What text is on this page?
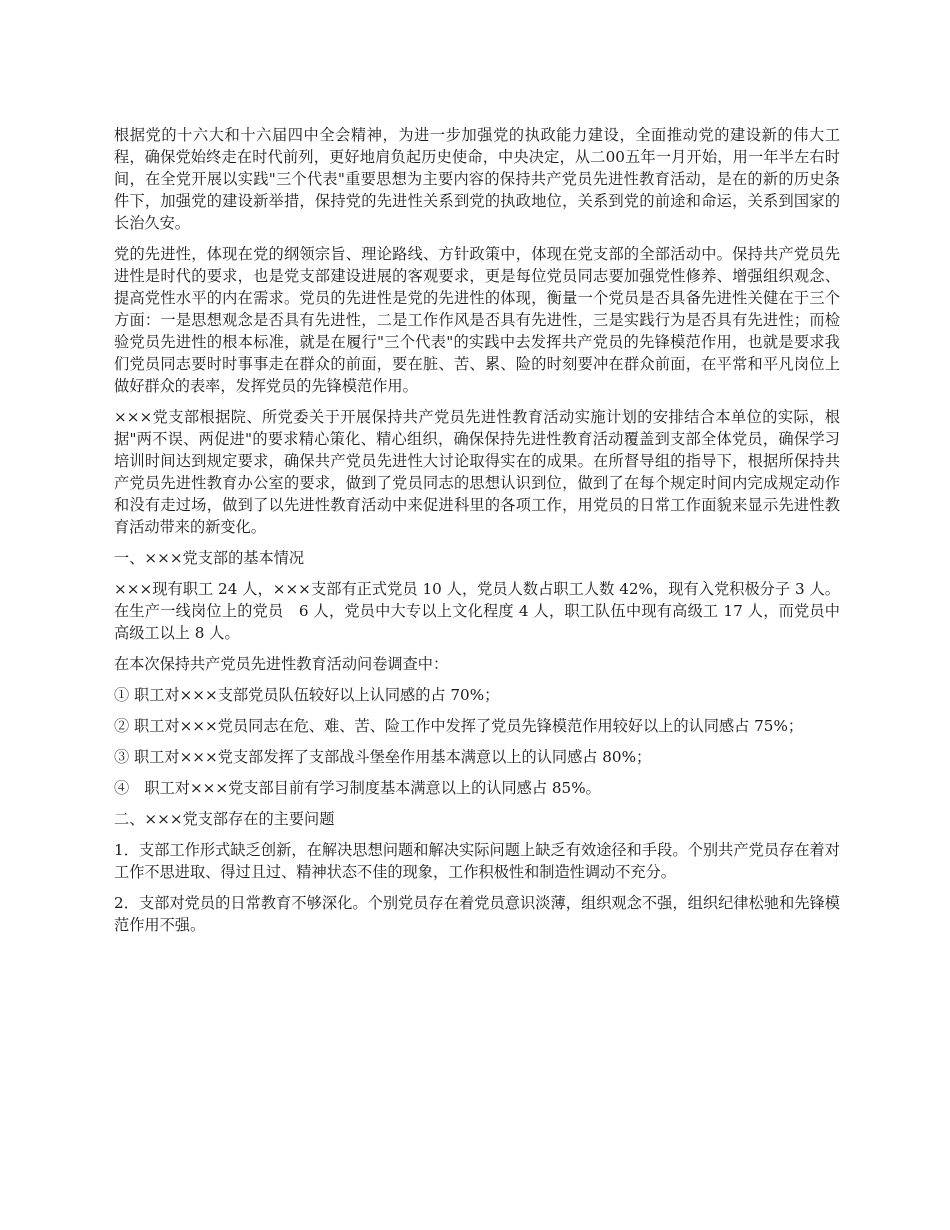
根据党的十六大和十六届四中全会精神，为进一步加强党的执政能力建设，全面推动党的建设新的伟大工程，确保党始终走在时代前列，更好地肩负起历史使命，中央决定，从二00五年一月开始，用一年半左右时间，在全党开展以实践"三个代表"重要思想为主要内容的保持共产党员先进性教育活动，是在的新的历史条件下，加强党的建设新举措，保持党的先进性关系到党的执政地位，关系到党的前途和命运，关系到国家的长治久安。

党的先进性，体现在党的纲领宗旨、理论路线、方针政策中，体现在党支部的全部活动中。保持共产党员先进性是时代的要求，也是党支部建设进展的客观要求，更是每位党员同志要加强党性修养、增强组织观念、提高党性水平的内在需求。党员的先进性是党的先进性的体现，衡量一个党员是否具备先进性关健在于三个方面：一是思想观念是否具有先进性，二是工作作风是否具有先进性，三是实践行为是否具有先进性；而检验党员先进性的根本标准，就是在履行"三个代表"的实践中去发挥共产党员的先锋模范作用，也就是要求我们党员同志要时时事事走在群众的前面，要在脏、苦、累、险的时刻要冲在群众前面，在平常和平凡岗位上做好群众的表率，发挥党员的先锋模范作用。

×××党支部根据院、所党委关于开展保持共产党员先进性教育活动实施计划的安排结合本单位的实际，根据"两不误、两促进"的要求精心策化、精心组织，确保保持先进性教育活动覆盖到支部全体党员，确保学习培训时间达到规定要求，确保共产党员先进性大讨论取得实在的成果。在所督导组的指导下，根据所保持共产党员先进性教育办公室的要求，做到了党员同志的思想认识到位，做到了在每个规定时间内完成规定动作和没有走过场，做到了以先进性教育活动中来促进科里的各项工作，用党员的日常工作面貌来显示先进性教育活动带来的新变化。

一、×××党支部的基本情况

×××现有职工 24 人，×××支部有正式党员 10 人，党员人数占职工人数 42%，现有入党积极分子 3 人。在生产一线岗位上的党员　6 人，党员中大专以上文化程度 4 人，职工队伍中现有高级工 17 人，而党员中高级工以上 8 人。

在本次保持共产党员先进性教育活动问卷调查中：

① 职工对×××支部党员队伍较好以上认同感的占 70%；

② 职工对×××党员同志在危、难、苦、险工作中发挥了党员先锋模范作用较好以上的认同感占 75%；

③ 职工对×××党支部发挥了支部战斗堡垒作用基本满意以上的认同感占 80%；

④　职工对×××党支部目前有学习制度基本满意以上的认同感占 85%。

二、×××党支部存在的主要问题

1．支部工作形式缺乏创新，在解决思想问题和解决实际问题上缺乏有效途径和手段。个别共产党员存在着对工作不思进取、得过且过、精神状态不佳的现象，工作积极性和制造性调动不充分。

2．支部对党员的日常教育不够深化。个别党员存在着党员意识淡薄，组织观念不强，组织纪律松驰和先锋模范作用不强。
